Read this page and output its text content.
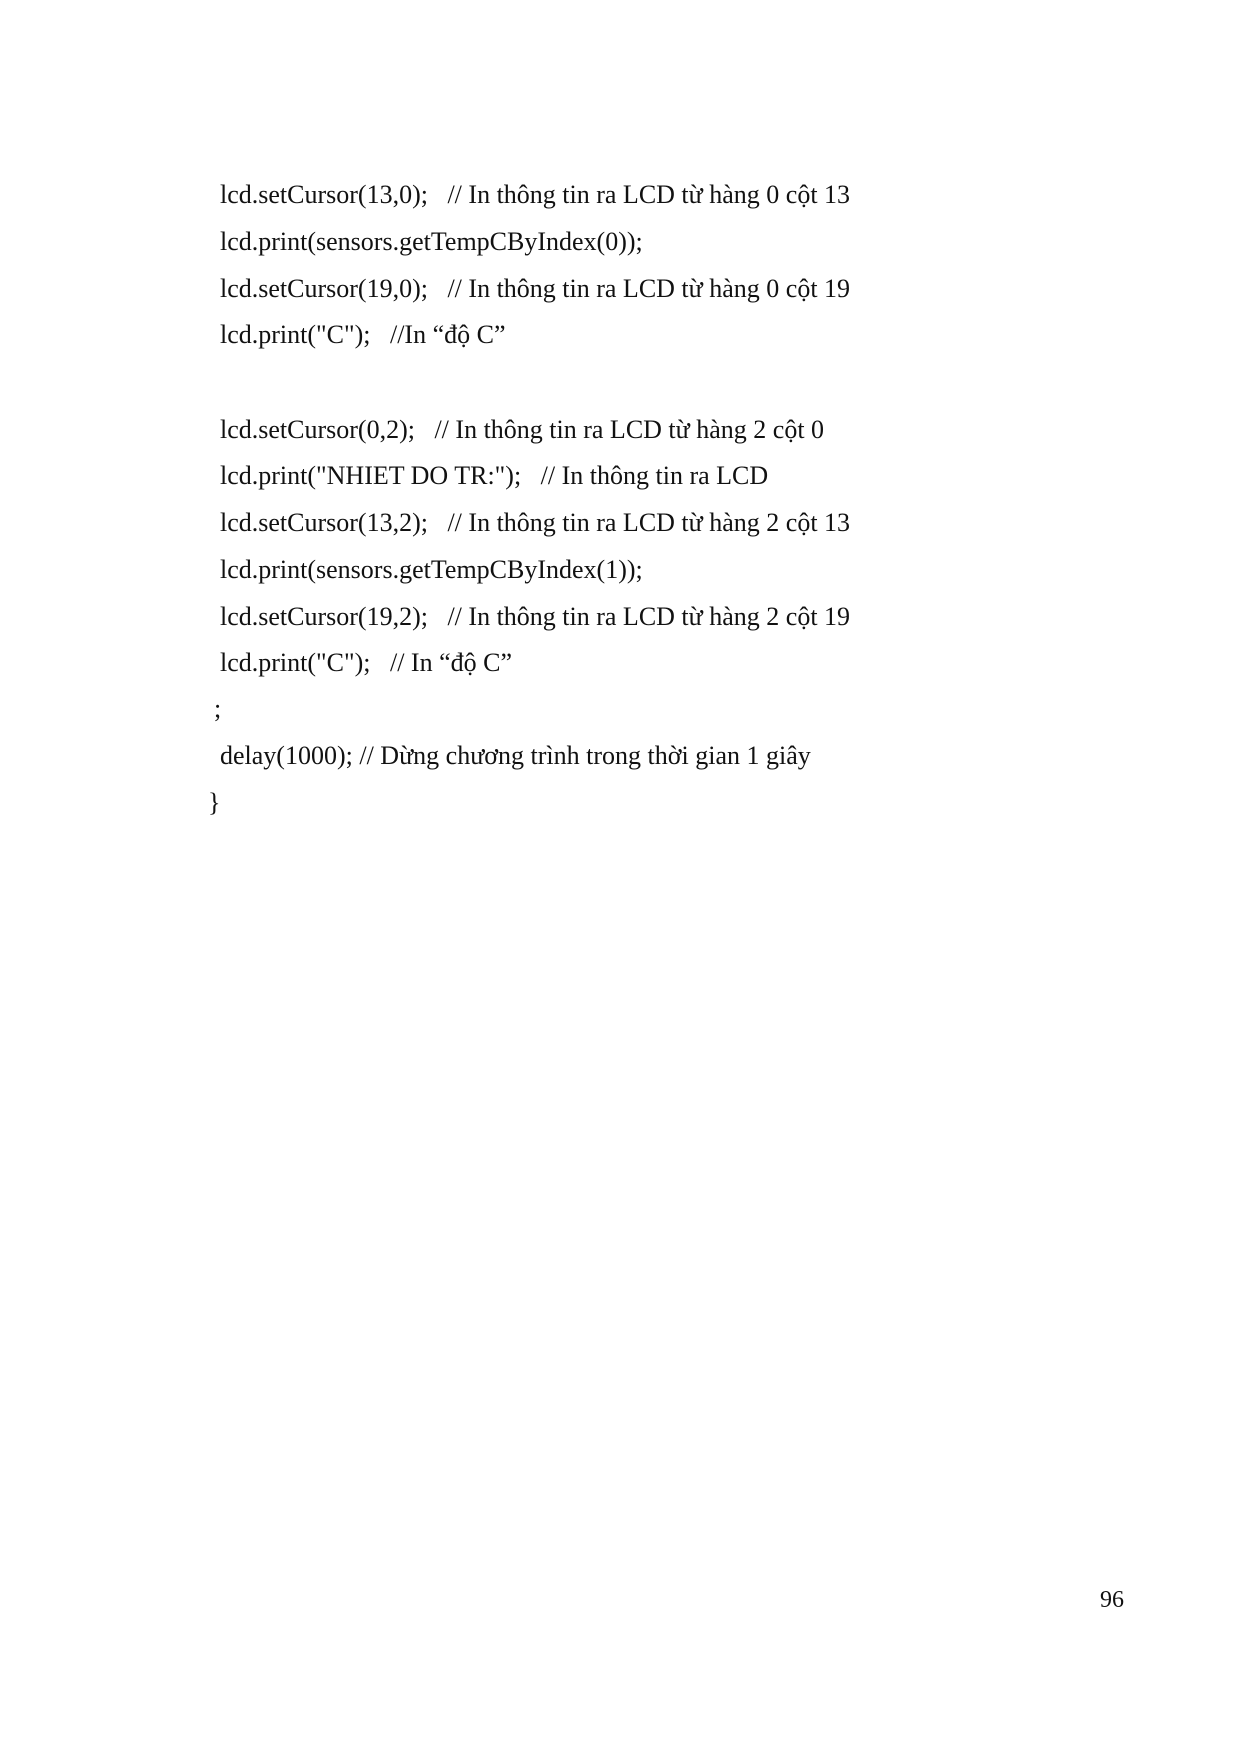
lcd.setCursor(13,0);   // In thông tin ra LCD từ hàng 0 cột 13
lcd.print(sensors.getTempCByIndex(0));
lcd.setCursor(19,0);   // In thông tin ra LCD từ hàng 0 cột 19
lcd.print("C");   //In “độ C”
lcd.setCursor(0,2);   // In thông tin ra LCD từ hàng 2 cột 0
lcd.print("NHIET DO TR:");   // In thông tin ra LCD
lcd.setCursor(13,2);   // In thông tin ra LCD từ hàng 2 cột 13
lcd.print(sensors.getTempCByIndex(1));
lcd.setCursor(19,2);   // In thông tin ra LCD từ hàng 2 cột 19
lcd.print("C");   // In “độ C”
;
delay(1000); // Dừng chương trình trong thời gian 1 giây
}
96
